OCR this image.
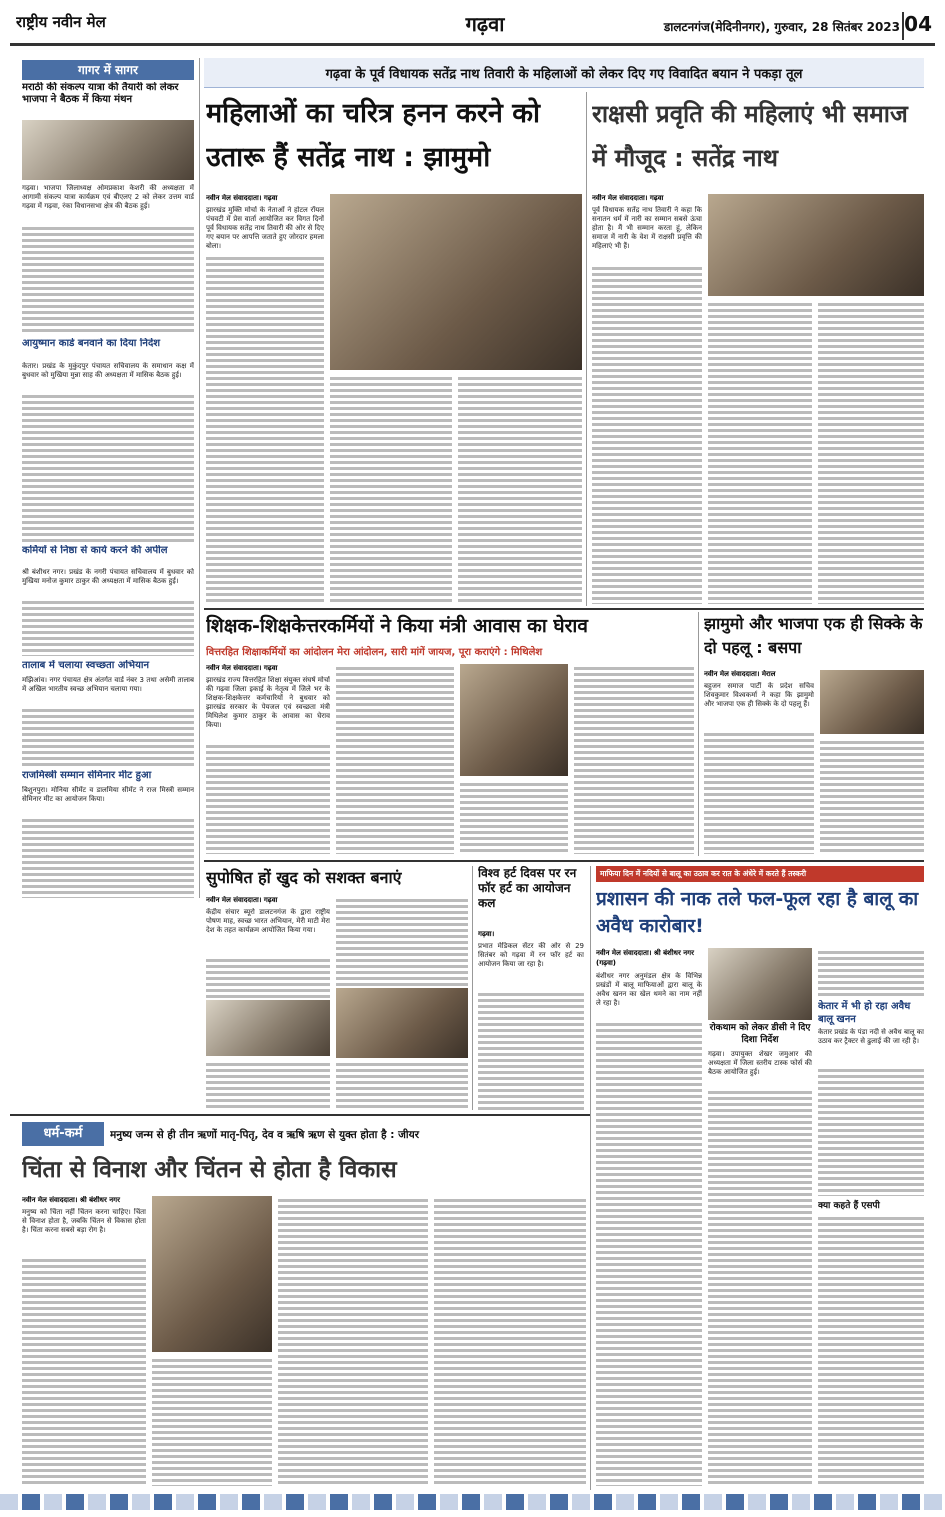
राष्ट्रीय नवीन मेल	गढ़वा	डालटनगंज(मेदिनीनगर), गुरुवार, 28 सितंबर 2023 04
गागर में सागर
मराठी की संकल्प यात्रा की तैयारी को लेकर भाजपा ने बैठक में किया मंथन
गढ़वा। भाजपा जिलाध्यक्ष ओमप्रकाश केशरी की अध्यक्षता में आगामी संकल्प यात्रा कार्यक्रम एवं बीएलए 2 को लेकर उत्तम वार्ड गढ़वा में गढ़वा, रंका विधानसभा क्षेत्र की बैठक हुई।
आयुष्मान कार्ड बनवाने का दिया निर्देश
केतार। प्रखंड के मुकुंदपुर पंचायत सचिवालय के समाधान कक्ष में बुधवार को मुखिया मुन्ना साह की अध्यक्षता में मासिक बैठक हुई।
कर्मियों से निष्ठा से कार्य करने की अपील
श्री बंशीधर नगर। प्रखंड के नगरी पंचायत सचिवालय में बुधवार को मुखिया मनोज कुमार ठाकुर की अध्यक्षता में मासिक बैठक हुई।
तालाब में चलाया स्वच्छता अभियान
मझिआंव। नगर पंचायत क्षेत्र अंतर्गत वार्ड नंबर 3 तथा असेमी तालाब में अखिल भारतीय स्वच्छ अभियान चलाया गया।
राजमिस्त्री सम्मान सेमिनार मीट हुआ
बिशुनपुरा। मोनिया सीमेंट व डालमिया सीमेंट ने राज मिस्त्री सम्मान सेमिनार मीट का आयोजन किया।
गढ़वा के पूर्व विधायक सतेंद्र नाथ तिवारी के महिलाओं को लेकर दिए गए विवादित बयान ने पकड़ा तूल
महिलाओं का चरित्र हनन करने को उतारू हैं सतेंद्र नाथ : झामुमो
नवीन मेल संवाददाता। गढ़वा
झारखंड मुक्ति मोर्चा के नेताओं ने होटल रॉयल पंचवटी में प्रेस वार्ता आयोजित कर विगत दिनों पूर्व विधायक सतेंद्र नाथ तिवारी की ओर से दिए गए बयान पर आपत्ति जताते हुए जोरदार हमला बोला।
राक्षसी प्रवृति की महिलाएं भी समाज में मौजूद : सतेंद्र नाथ
नवीन मेल संवाददाता। गढ़वा
पूर्व विधायक सतेंद्र नाथ तिवारी ने कहा कि सनातन धर्म में नारी का सम्मान सबसे ऊंचा होता है। मैं भी सम्मान करता हूं, लेकिन समाज में नारी के वेश में राक्षसी प्रवृत्ति की महिलाएं भी हैं।
शिक्षक-शिक्षकेत्तरकर्मियों ने किया मंत्री आवास का घेराव
वित्तरहित शिक्षाकर्मियों का आंदोलन मेरा आंदोलन, सारी मांगें जायज, पूरा कराएंगे : मिथिलेश
नवीन मेल संवाददाता। गढ़वा
झारखंड राज्य वित्तरहित शिक्षा संयुक्त संघर्ष मोर्चा की गढ़वा जिला इकाई के नेतृत्व में जिले भर के शिक्षक-शिक्षकेत्तर कर्मचारियों ने बुधवार को झारखंड सरकार के पेयजल एवं स्वच्छता मंत्री मिथिलेश कुमार ठाकुर के आवास का घेराव किया।
झामुमो और भाजपा एक ही सिक्के के दो पहलू : बसपा
नवीन मेल संवाददाता। मेराल
बहुजन समाज पार्टी के प्रदेश सचिव शिवकुमार विश्वकर्मा ने कहा कि झामुमो और भाजपा एक ही सिक्के के दो पहलू हैं।
सुपोषित हों खुद को सशक्त बनाएं
नवीन मेल संवाददाता। गढ़वा
केंद्रीय संचार ब्यूरो डालटनगंज के द्वारा राष्ट्रीय पोषण माह, स्वच्छ भारत अभियान, मेरी माटी मेरा देश के तहत कार्यक्रम आयोजित किया गया।
विश्व हर्ट दिवस पर रन फॉर हर्ट का आयोजन कल
गढ़वा।
प्रभात मेडिकल सेंटर की ओर से 29 सितंबर को गढ़वा में रन फॉर हर्ट का आयोजन किया जा रहा है।
माफिया दिन में नदियों से बालू का उठाव कर रात के अंधेरे में करते हैं तस्करी
प्रशासन की नाक तले फल-फूल रहा है बालू का अवैध कारोबार!
नवीन मेल संवाददाता। श्री बंशीधर नगर (गढ़वा)
बंशीधर नगर अनुमंडल क्षेत्र के विभिन्न प्रखंडों में बालू माफियाओं द्वारा बालू के अवैध खनन का खेल थमने का नाम नहीं ले रहा है।
रोकथाम को लेकर डीसी ने दिए दिशा निर्देश
गढ़वा। उपायुक्त शेखर जमुआर की अध्यक्षता में जिला स्तरीय टास्क फोर्स की बैठक आयोजित हुई।
केतार में भी हो रहा अवैध बालू खनन
केतार प्रखंड के पंडा नदी से अवैध बालू का उठाव कर ट्रैक्टर से ढुलाई की जा रही है।
क्या कहते हैं एसपी
धर्म-कर्म	मनुष्य जन्म से ही तीन ऋणों मातृ-पितृ, देव व ऋषि ऋण से युक्त होता है : जीयर
चिंता से विनाश और चिंतन से होता है विकास
नवीन मेल संवाददाता। श्री बंशीधर नगर
मनुष्य को चिंता नहीं चिंतन करना चाहिए। चिंता से विनाश होता है, जबकि चिंतन से विकास होता है। चिंता करना सबसे बड़ा रोग है।
